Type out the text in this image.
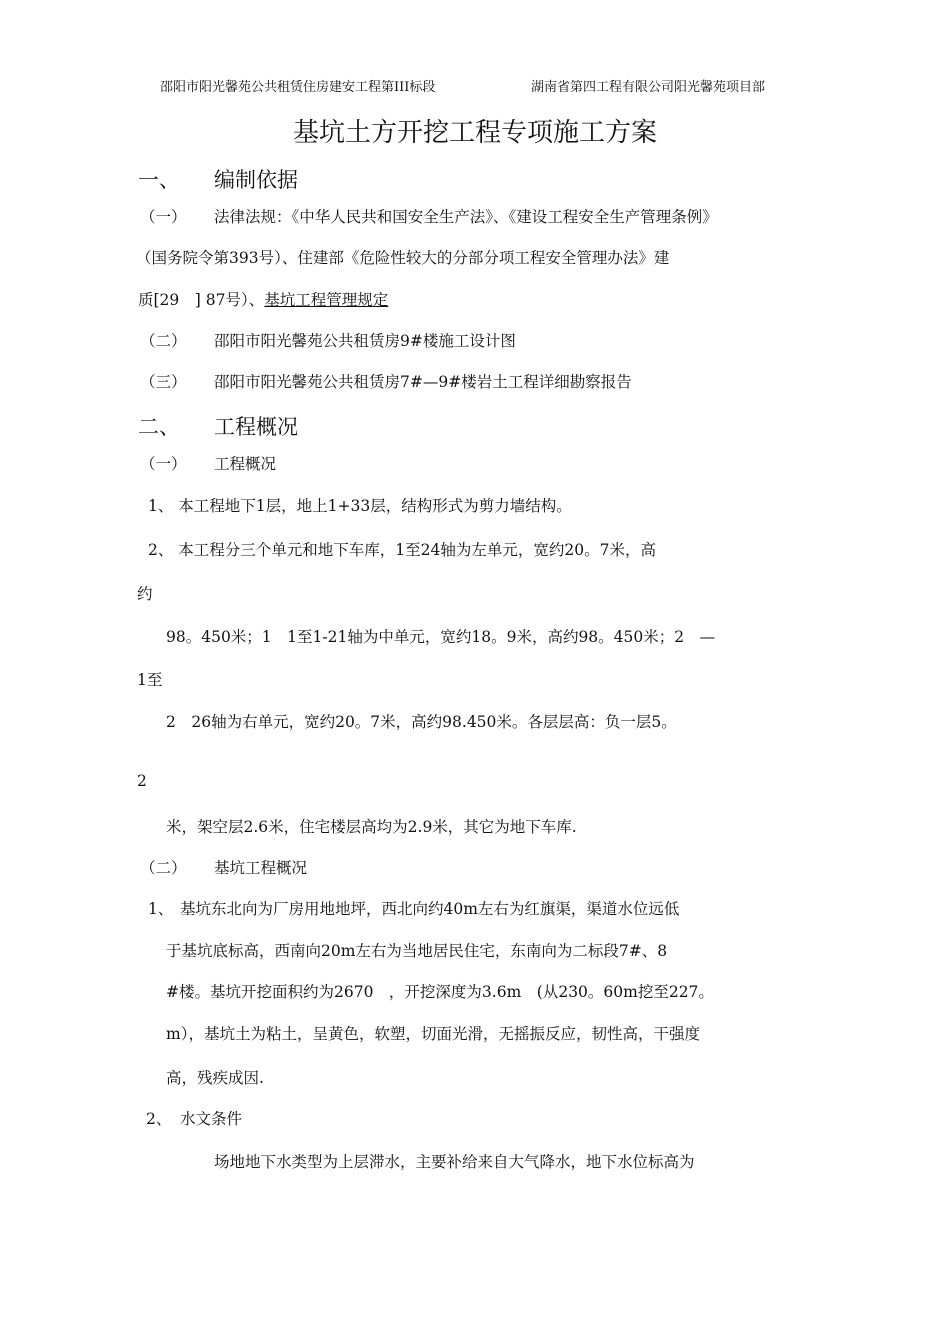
邵阳市阳光馨苑公共租赁住房建安工程第III标段	湖南省第四工程有限公司阳光馨苑项目部
基坑土方开挖工程专项施工方案
一、 编制依据
（一） 法律法规：《中华人民共和国安全生产法》、《建设工程安全生产管理条例》
（国务院令第393号）、住建部《危险性较大的分部分项工程安全管理办法》建
质[29　] 87号）、基坑工程管理规定
（二） 邵阳市阳光馨苑公共租赁房9#楼施工设计图
（三） 邵阳市阳光馨苑公共租赁房7#—9#楼岩土工程详细勘察报告
二、 工程概况
（一） 工程概况
1、 本工程地下1层，地上1+33层，结构形式为剪力墙结构。
2、 本工程分三个单元和地下车库，1至24轴为左单元，宽约20。7米，高
约
98。450米；1　1至1-21轴为中单元，宽约18。9米，高约98。450米；2　—
1至
2　26轴为右单元，宽约20。7米，高约98.450米。各层层高：负一层5。
2
米，架空层2.6米，住宅楼层高均为2.9米，其它为地下车库.
（二） 基坑工程概况
1、 基坑东北向为厂房用地地坪，西北向约40m左右为红旗渠，渠道水位远低
于基坑底标高，西南向20m左右为当地居民住宅，东南向为二标段7#、8
#楼。基坑开挖面积约为2670　，开挖深度为3.6m　(从230。60m挖至227。
m），基坑土为粘土，呈黄色，软塑，切面光滑，无摇振反应，韧性高，干强度
高，残疾成因.
2、 水文条件
场地地下水类型为上层滞水，主要补给来自大气降水，地下水位标高为
